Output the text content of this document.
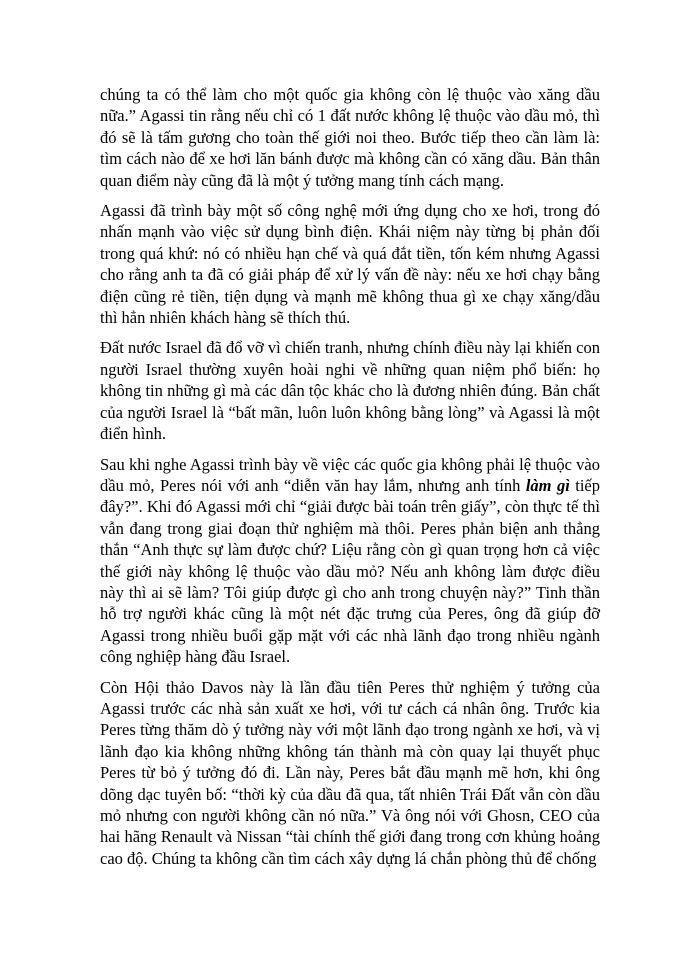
chúng ta có thể làm cho một quốc gia không còn lệ thuộc vào xăng dầu nữa.” Agassi tin rằng nếu chỉ có 1 đất nước không lệ thuộc vào dầu mỏ, thì đó sẽ là tấm gương cho toàn thế giới noi theo. Bước tiếp theo cần làm là: tìm cách nào để xe hơi lăn bánh được mà không cần có xăng dầu. Bản thân quan điểm này cũng đã là một ý tưởng mang tính cách mạng.

Agassi đã trình bày một số công nghệ mới ứng dụng cho xe hơi, trong đó nhấn mạnh vào việc sử dụng bình điện. Khái niệm này từng bị phản đối trong quá khứ: nó có nhiều hạn chế và quá đắt tiền, tốn kém nhưng Agassi cho rằng anh ta đã có giải pháp để xử lý vấn đề này: nếu xe hơi chạy bằng điện cũng rẻ tiền, tiện dụng và mạnh mẽ không thua gì xe chạy xăng/dầu thì hẳn nhiên khách hàng sẽ thích thú.

Đất nước Israel đã đổ vỡ vì chiến tranh, nhưng chính điều này lại khiến con người Israel thường xuyên hoài nghi về những quan niệm phổ biến: họ không tin những gì mà các dân tộc khác cho là đương nhiên đúng. Bản chất của người Israel là “bất mãn, luôn luôn không bằng lòng” và Agassi là một điển hình.

Sau khi nghe Agassi trình bày về việc các quốc gia không phải lệ thuộc vào dầu mỏ, Peres nói với anh “diễn văn hay lắm, nhưng anh tính làm gì tiếp đây?”. Khi đó Agassi mới chỉ “giải được bài toán trên giấy”, còn thực tế thì vẫn đang trong giai đoạn thử nghiệm mà thôi. Peres phản biện anh thẳng thắn “Anh thực sự làm được chứ? Liệu rằng còn gì quan trọng hơn cả việc thế giới này không lệ thuộc vào dầu mỏ? Nếu anh không làm được điều này thì ai sẽ làm? Tôi giúp được gì cho anh trong chuyện này?” Tinh thần hỗ trợ người khác cũng là một nét đặc trưng của Peres, ông đã giúp đỡ Agassi trong nhiều buổi gặp mặt với các nhà lãnh đạo trong nhiều ngành công nghiệp hàng đầu Israel.

Còn Hội thảo Davos này là lần đầu tiên Peres thử nghiệm ý tưởng của Agassi trước các nhà sản xuất xe hơi, với tư cách cá nhân ông. Trước kia Peres từng thăm dò ý tưởng này với một lãnh đạo trong ngành xe hơi, và vị lãnh đạo kia không những không tán thành mà còn quay lại thuyết phục Peres từ bỏ ý tưởng đó đi. Lần này, Peres bắt đầu mạnh mẽ hơn, khi ông dõng dạc tuyên bố: “thời kỳ của dầu đã qua, tất nhiên Trái Đất vẫn còn dầu mỏ nhưng con người không cần nó nữa.” Và ông nói với Ghosn, CEO của hai hãng Renault và Nissan “tài chính thế giới đang trong cơn khủng hoảng cao độ. Chúng ta không cần tìm cách xây dựng lá chắn phòng thủ để chống
